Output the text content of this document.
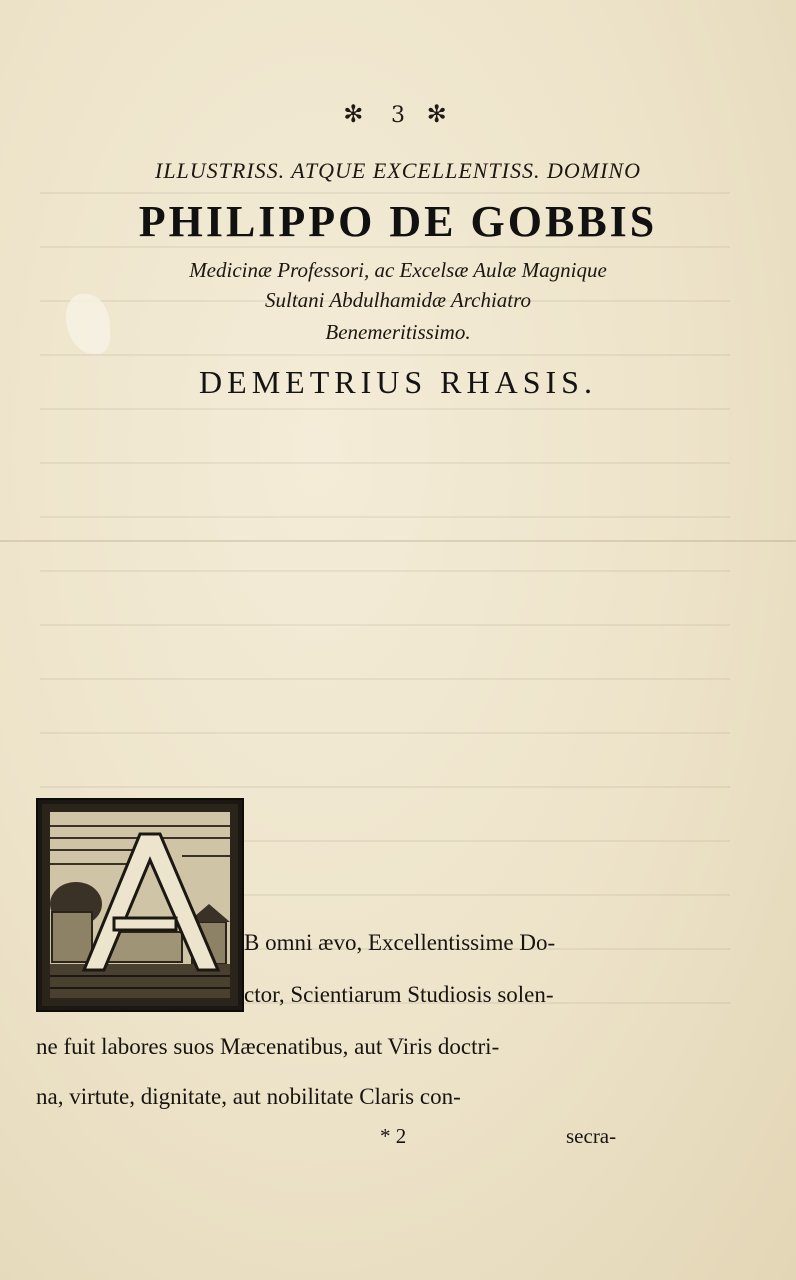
✻ 3 ✻
ILLUSTRISS. ATQUE EXCELLENTISS. DOMINO
PHILIPPO DE GOBBIS
Medicinæ Professori, ac Excelsæ Aulæ Magnique
Sultani Abdulhamidæ Archiatro
Benemeritissimo.
DEMETRIUS RHASIS.
B omni ævo, Excellentissime Do-
ctor, Scientiarum Studiosis solen-
ne fuit labores suos Mæcenatibus, aut Viris doctri-
na, virtute, dignitate, aut nobilitate Claris con-
* 2	secra-
